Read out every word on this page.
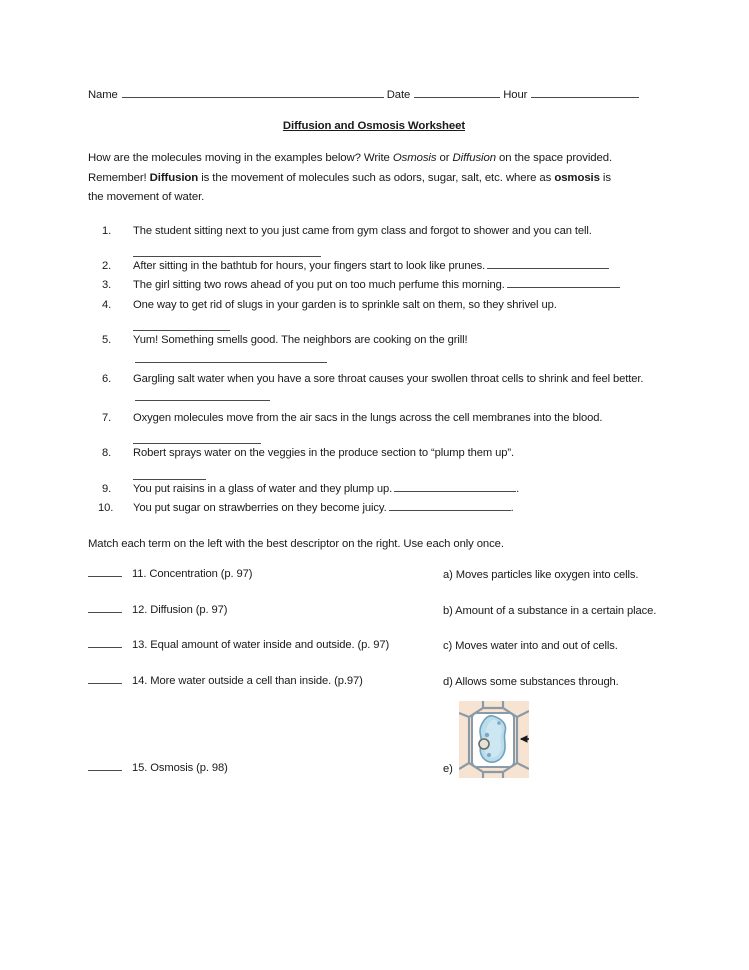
Name	Date	Hour
Diffusion and Osmosis Worksheet

How are the molecules moving in the examples below? Write Osmosis or Diffusion on the space provided. Remember! Diffusion is the movement of molecules such as odors, sugar, salt, etc. where as osmosis is the movement of water.

1.	The student sitting next to you just came from gym class and forgot to shower and you can tell.
2.	After sitting in the bathtub for hours, your fingers start to look like prunes.
3.	The girl sitting two rows ahead of you put on too much perfume this morning.
4.	One way to get rid of slugs in your garden is to sprinkle salt on them, so they shrivel up.
5.	Yum! Something smells good. The neighbors are cooking on the grill!
6.	Gargling salt water when you have a sore throat causes your swollen throat cells to shrink and feel better.
7.	Oxygen molecules move from the air sacs in the lungs across the cell membranes into the blood.
8.	Robert sprays water on the veggies in the produce section to “plump them up”.
9.	You put raisins in a glass of water and they plump up.	.
10.	You put sugar on strawberries on they become juicy.	.
Match each term on the left with the best descriptor on the right. Use each only once.
11. Concentration (p. 97)	a) Moves particles like oxygen into cells.
12. Diffusion (p. 97)	b) Amount of a substance in a certain place.
13. Equal amount of water inside and outside. (p. 97)	c) Moves water into and out of cells.
14. More water outside a cell than inside. (p.97)	d) Allows some substances through.
15. Osmosis (p. 98)	e)
